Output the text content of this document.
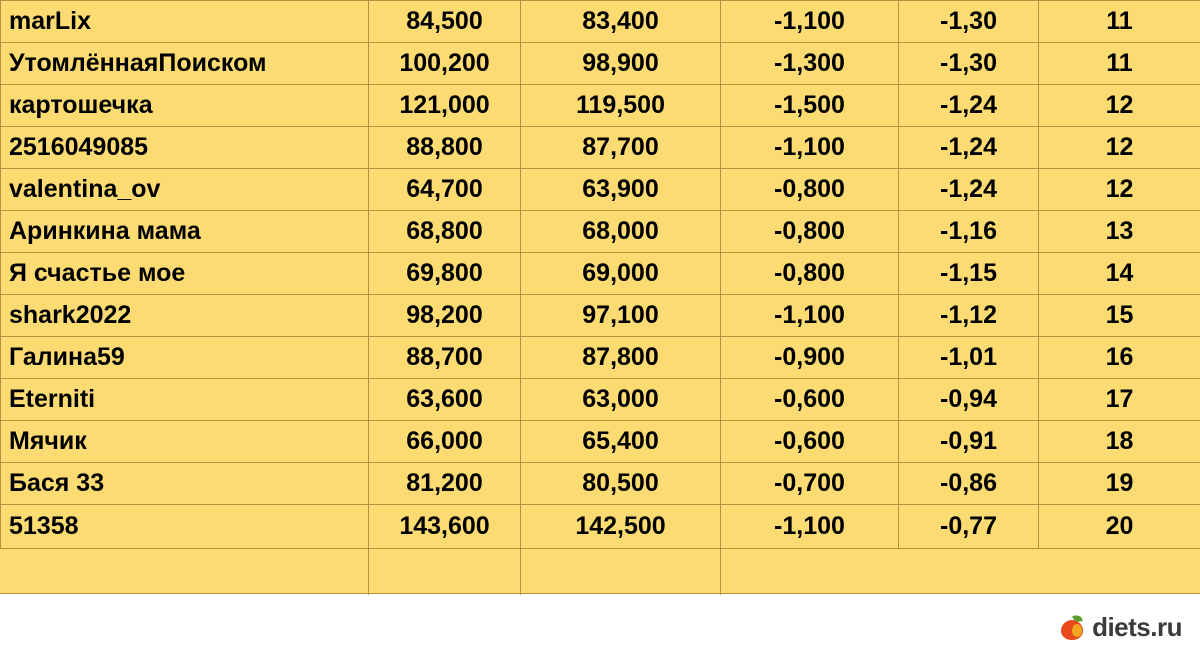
marLix	84,500	83,400	-1,100	-1,30	11
УтомлённаяПоиском	100,200	98,900	-1,300	-1,30	11
картошечка	121,000	119,500	-1,500	-1,24	12
2516049085	88,800	87,700	-1,100	-1,24	12
valentina_ov	64,700	63,900	-0,800	-1,24	12
Аринкина мама	68,800	68,000	-0,800	-1,16	13
Я счастье мое	69,800	69,000	-0,800	-1,15	14
shark2022	98,200	97,100	-1,100	-1,12	15
Галина59	88,700	87,800	-0,900	-1,01	16
Eterniti	63,600	63,000	-0,600	-0,94	17
Мячик	66,000	65,400	-0,600	-0,91	18
Бася 33	81,200	80,500	-0,700	-0,86	19
51358	143,600	142,500	-1,100	-0,77	20
diets.ru
